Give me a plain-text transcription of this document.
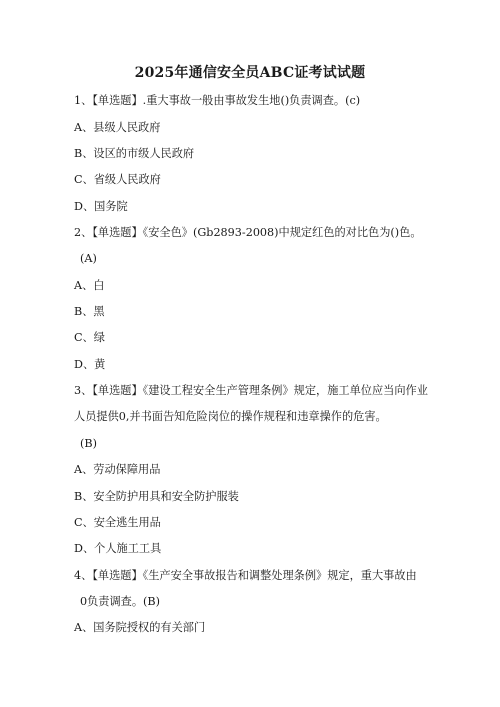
2025年通信安全员ABC证考试试题
1、【单选题】.重大事故一般由事故发生地()负责调查。(c)
A、县级人民政府
B、设区的市级人民政府
C、省级人民政府
D、国务院
2、【单选题】《安全色》(Gb2893-2008)中规定红色的对比色为()色。
(A)
A、白
B、黑
C、绿
D、黄
3、【单选题】《建设工程安全生产管理条例》规定，施工单位应当向作业
人员提供0,并书面告知危险岗位的操作规程和违章操作的危害。
(B)
A、劳动保障用品
B、安全防护用具和安全防护服装
C、安全逃生用品
D、个人施工工具
4、【单选题】《生产安全事故报告和调整处理条例》规定，重大事故由
0负责调查。(B)
A、国务院授权的有关部门
